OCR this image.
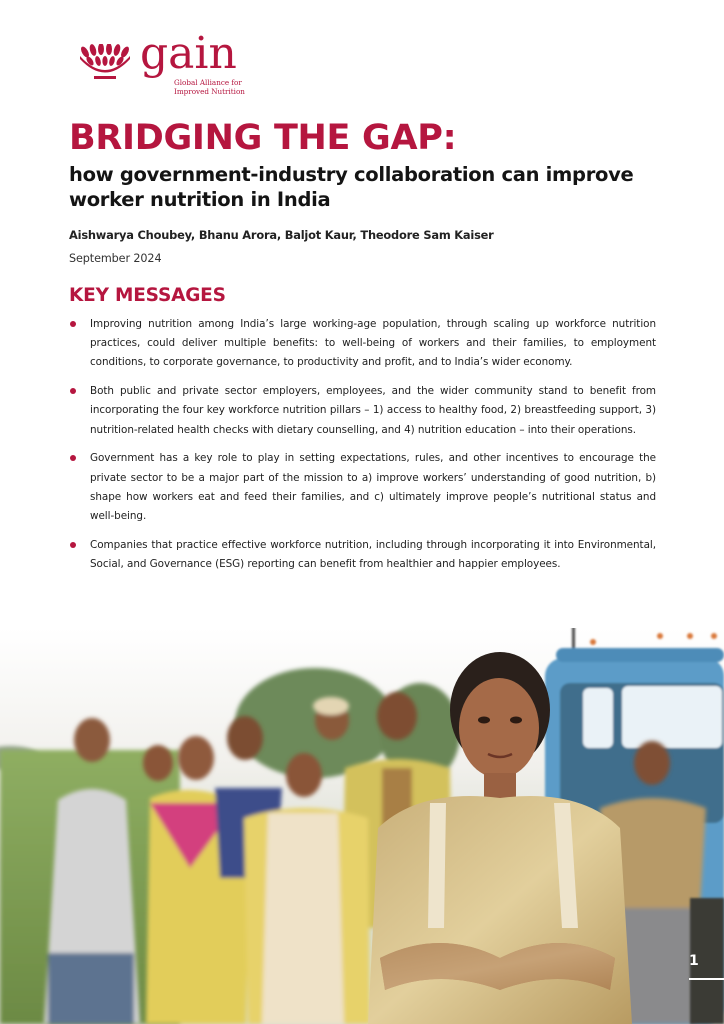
gain
Global Alliance for
Improved Nutrition
BRIDGING THE GAP:
how government-industry collaboration can improve worker nutrition in India
Aishwarya Choubey, Bhanu Arora, Baljot Kaur, Theodore Sam Kaiser
September 2024
KEY MESSAGES
Improving nutrition among India’s large working-age population, through scaling up workforce nutrition practices, could deliver multiple benefits: to well-being of workers and their families, to employment conditions, to corporate governance, to productivity and profit, and to India’s wider economy.
Both public and private sector employers, employees, and the wider community stand to benefit from incorporating the four key workforce nutrition pillars – 1) access to healthy food, 2) breastfeeding support, 3) nutrition-related health checks with dietary counselling, and 4) nutrition education – into their operations.
Government has a key role to play in setting expectations, rules, and other incentives to encourage the private sector to be a major part of the mission to a) improve workers’ understanding of good nutrition, b) shape how workers eat and feed their families, and c) ultimately improve people’s nutritional status and well-being.
Companies that practice effective workforce nutrition, including through incorporating it into Environmental, Social, and Governance (ESG) reporting can benefit from healthier and happier employees.
1
